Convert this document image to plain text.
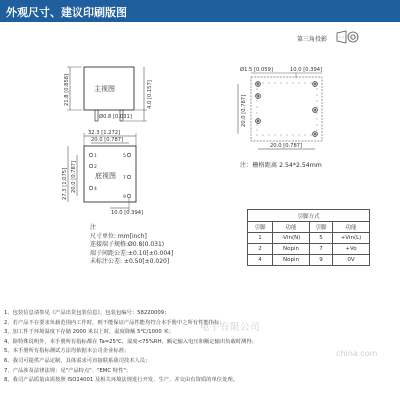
外观尺寸、建议印刷版图
第三角投影
主视图
21.8 [0.858]	4.0 [0.157]
Ø0.8 [0.031]
底视图
32.3 [1.272]
20.0 [0.787]
27.3 [1.075] 20.0 [0.787]
10.0 [0.394]
1
2
4
5
7
9
Ø1.5 [0.059]	10.0 [0.394]
20.0 [0.787]
20.0 [0.787]
注：栅格距离 2.54*2.54mm
注
尺寸单位: mm[inch]
连接端子规格:Ø0.8(0.031)
端子间距公差:±0.10[±0.004]
未标注公差: ±0.50[±0.020]
引脚方式			
引脚	功能	引脚	功能
1	-Vin(N)	5	+Vin(L)
2	Nopin	7	+Vo
4	Nopin	9	0V
1、包装信息请参见《产品出货包装信息》，包装包编号：58220009；
2、若产品不在要求负载范围内工作时，则不能保证产品性能均符合本手册中之所有性能指标；
3、加工件于环境温度下存储 2000 米以上时，温度降额 5℃/1000 米；
4、除特殊说明外，本手册所有指标都在 Ta=25℃，湿度<75%RH，额定输入电压和额定输出负载时测得；
5、本手册所有指标测试方法均依据本公司企业标准；
6、我司可提供产品定制，具体需求可直接联系我司技术人员；
7、产品涉及法律法规：见"产品特点"、"EMC 特性"；
8、我司产品质量由需按照 ISO14001 及相关环境法规进行开发、生产，并交由有资质的单位处理。
电子有限公司
china.com
